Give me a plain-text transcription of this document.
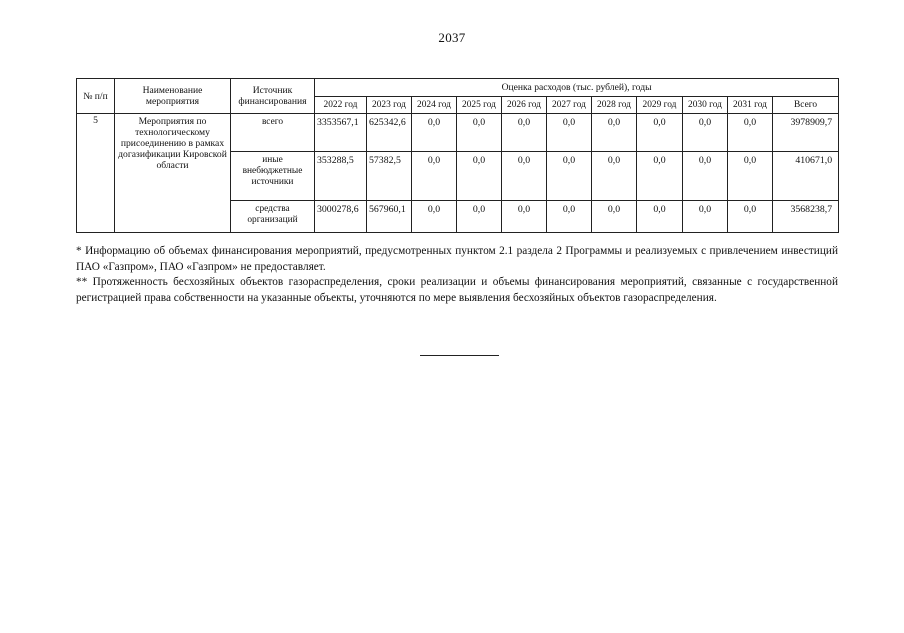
2037
№ п/п	Наименование мероприятия	Источник финансирования	Оценка расходов (тыс. рублей), годы										
			2022 год	2023 год	2024 год	2025 год	2026 год	2027 год	2028 год	2029 год	2030 год	2031 год	Всего
5	Мероприятия по технологическому присоединению в рамках догазификации Кировской области	всего	3353567,1	625342,6	0,0	0,0	0,0	0,0	0,0	0,0	0,0	0,0	3978909,7
		иные внебюджетные источники	353288,5	57382,5	0,0	0,0	0,0	0,0	0,0	0,0	0,0	0,0	410671,0
		средства организаций	3000278,6	567960,1	0,0	0,0	0,0	0,0	0,0	0,0	0,0	0,0	3568238,7

* Информацию об объемах финансирования мероприятий, предусмотренных пунктом 2.1 раздела 2 Программы и реализуемых с привлечением инвестиций ПАО «Газпром», ПАО «Газпром» не предоставляет.

** Протяженность бесхозяйных объектов газораспределения, сроки реализации и объемы финансирования мероприятий, связанные с государственной регистрацией права собственности на указанные объекты, уточняются по мере выявления бесхозяйных объектов газораспределения.
